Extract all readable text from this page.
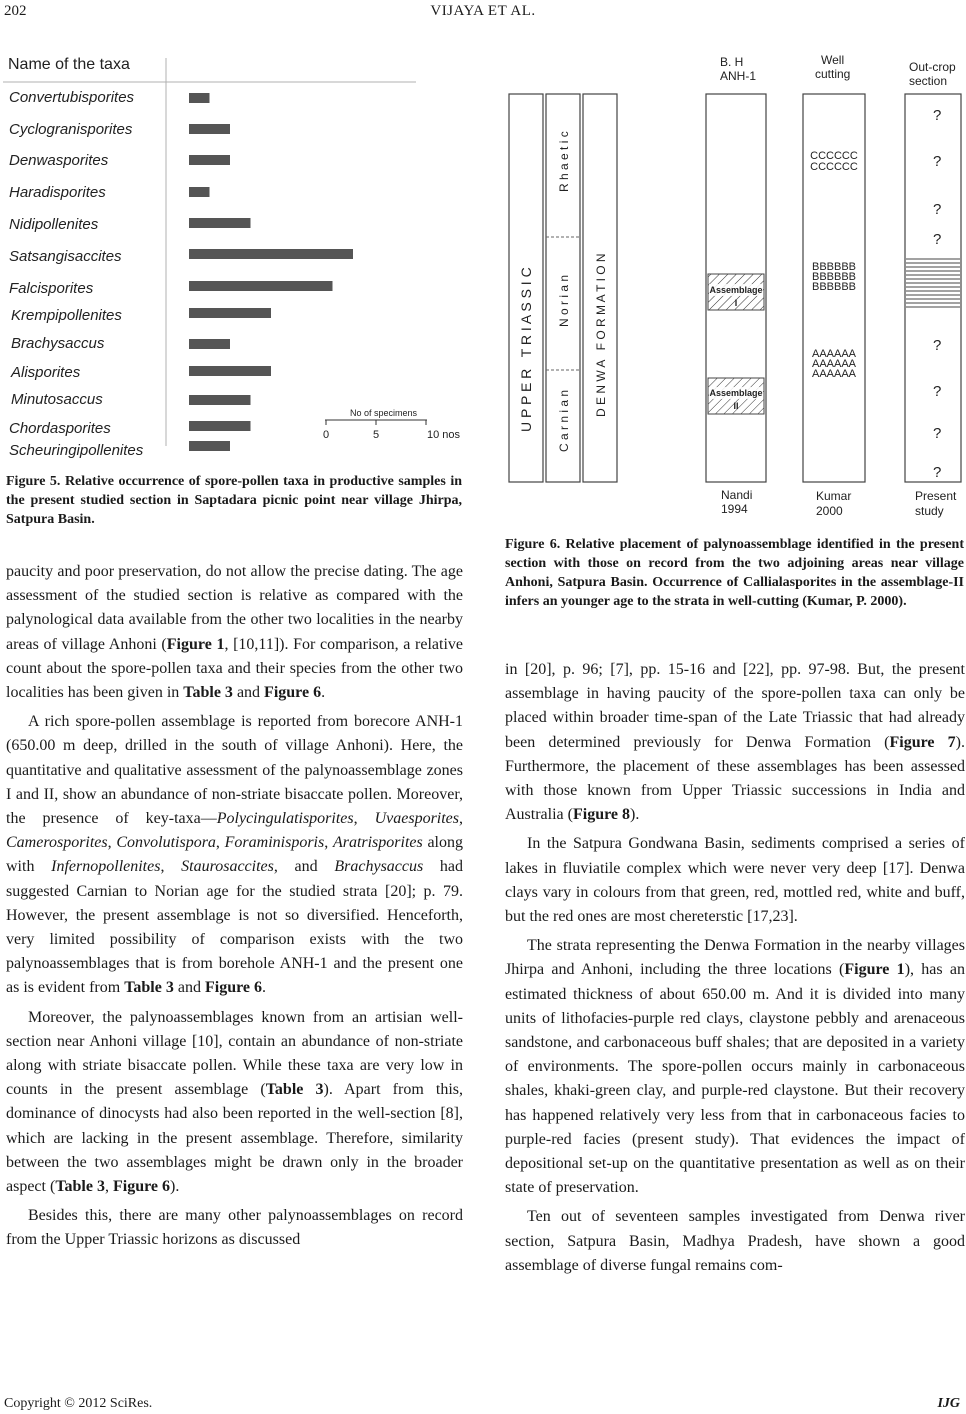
202	VIJAYA ET AL.
Name of the taxa
Convertubisporites
Cyclogranisporites
Denwasporites
Haradisporites
Nidipollenites
Satsangisaccites
Falcisporites
Krempipollenites
Brachysaccus
Alisporites
Minutosaccus
Chordasporites
Scheuringipollenites
No of specimens
0	5	10 nos
Figure 5. Relative occurrence of spore-pollen taxa in productive samples in the present studied section in Saptadara picnic point near village Jhirpa, Satpura Basin.
B. H
ANH-1
Well
cutting	Out-crop
section
U P P E R   T R I A S S I C
R h a e t i c
N o r i a n
C a r n i a n
D E N W A   F O R M A T I O N	Assemblage
I
Assemblage
II
CCCCCC
CCCCCC
BBBBBB
BBBBBB
BBBBBB
AAAAAA
AAAAAA
AAAAAA
?
?
?
?
?
?
?
?
Nandi
1994
Kumar
2000
Present
study
Figure 6. Relative placement of palynoassemblage identified in the present section with those on record from the two adjoining areas near village Anhoni, Satpura Basin. Occurrence of Callialasporites in the assemblage-II infers an younger age to the strata in well-cutting (Kumar, P. 2000).

paucity and poor preservation, do not allow the precise dating. The age assessment of the studied section is relative as compared with the palynological data available from the other two localities in the nearby areas of village Anhoni (Figure 1, [10,11]). For comparison, a relative count about the spore-pollen taxa and their species from the other two localities has been given in Table 3 and Figure 6.

A rich spore-pollen assemblage is reported from borecore ANH-1 (650.00 m deep, drilled in the south of village Anhoni). Here, the quantitative and qualitative assessment of the palynoassemblage zones I and II, show an abundance of non-striate bisaccate pollen. Moreover, the presence of key-taxa—Polycingulatisporites, Uvaesporites, Camerosporites, Convolutispora, Foraminisporis, Aratrisporites along with Infernopollenites, Staurosaccites, and Brachysaccus had suggested Carnian to Norian age for the studied strata [20]; p. 79. However, the present assemblage is not so diversified. Henceforth, very limited possibility of comparison exists with the two palynoassemblages that is from borehole ANH-1 and the present one as is evident from Table 3 and Figure 6.

Moreover, the palynoassemblages known from an artisian well-section near Anhoni village [10], contain an abundance of non-striate along with striate bisaccate pollen. While these taxa are very low in counts in the present assemblage (Table 3). Apart from this, dominance of dinocysts had also been reported in the well-section [8], which are lacking in the present assemblage. Therefore, similarity between the two assemblages might be drawn only in the broader aspect (Table 3, Figure 6).

Besides this, there are many other palynoassemblages on record from the Upper Triassic horizons as discussed

in [20], p. 96; [7], pp. 15-16 and [22], pp. 97-98. But, the present assemblage in having paucity of the spore-pollen taxa can only be placed within broader time-span of the Late Triassic that had already been determined previously for Denwa Formation (Figure 7). Furthermore, the placement of these assemblages has been assessed with those known from Upper Triassic successions in India and Australia (Figure 8).

In the Satpura Gondwana Basin, sediments comprised a series of lakes in fluviatile complex which were never very deep [17]. Denwa clays vary in colours from that green, red, mottled red, white and buff, but the red ones are most chereterstic [17,23].

The strata representing the Denwa Formation in the nearby villages Jhirpa and Anhoni, including the three locations (Figure 1), has an estimated thickness of about 650.00 m. And it is divided into many units of lithofacies-purple red clays, claystone pebbly and arenaceous sandstone, and carbonaceous buff shales; that are deposited in a variety of environments. The spore-pollen occurs mainly in carbonaceous shales, khaki-green clay, and purple-red claystone. But their recovery has happened relatively very less from that in carbonaceous facies to purple-red facies (present study). That evidences the impact of depositional set-up on the quantitative presentation as well as on their state of preservation.

Ten out of seventeen samples investigated from Denwa river section, Satpura Basin, Madhya Pradesh, have shown a good assemblage of diverse fungal remains com-

Copyright © 2012 SciRes.	IJG
